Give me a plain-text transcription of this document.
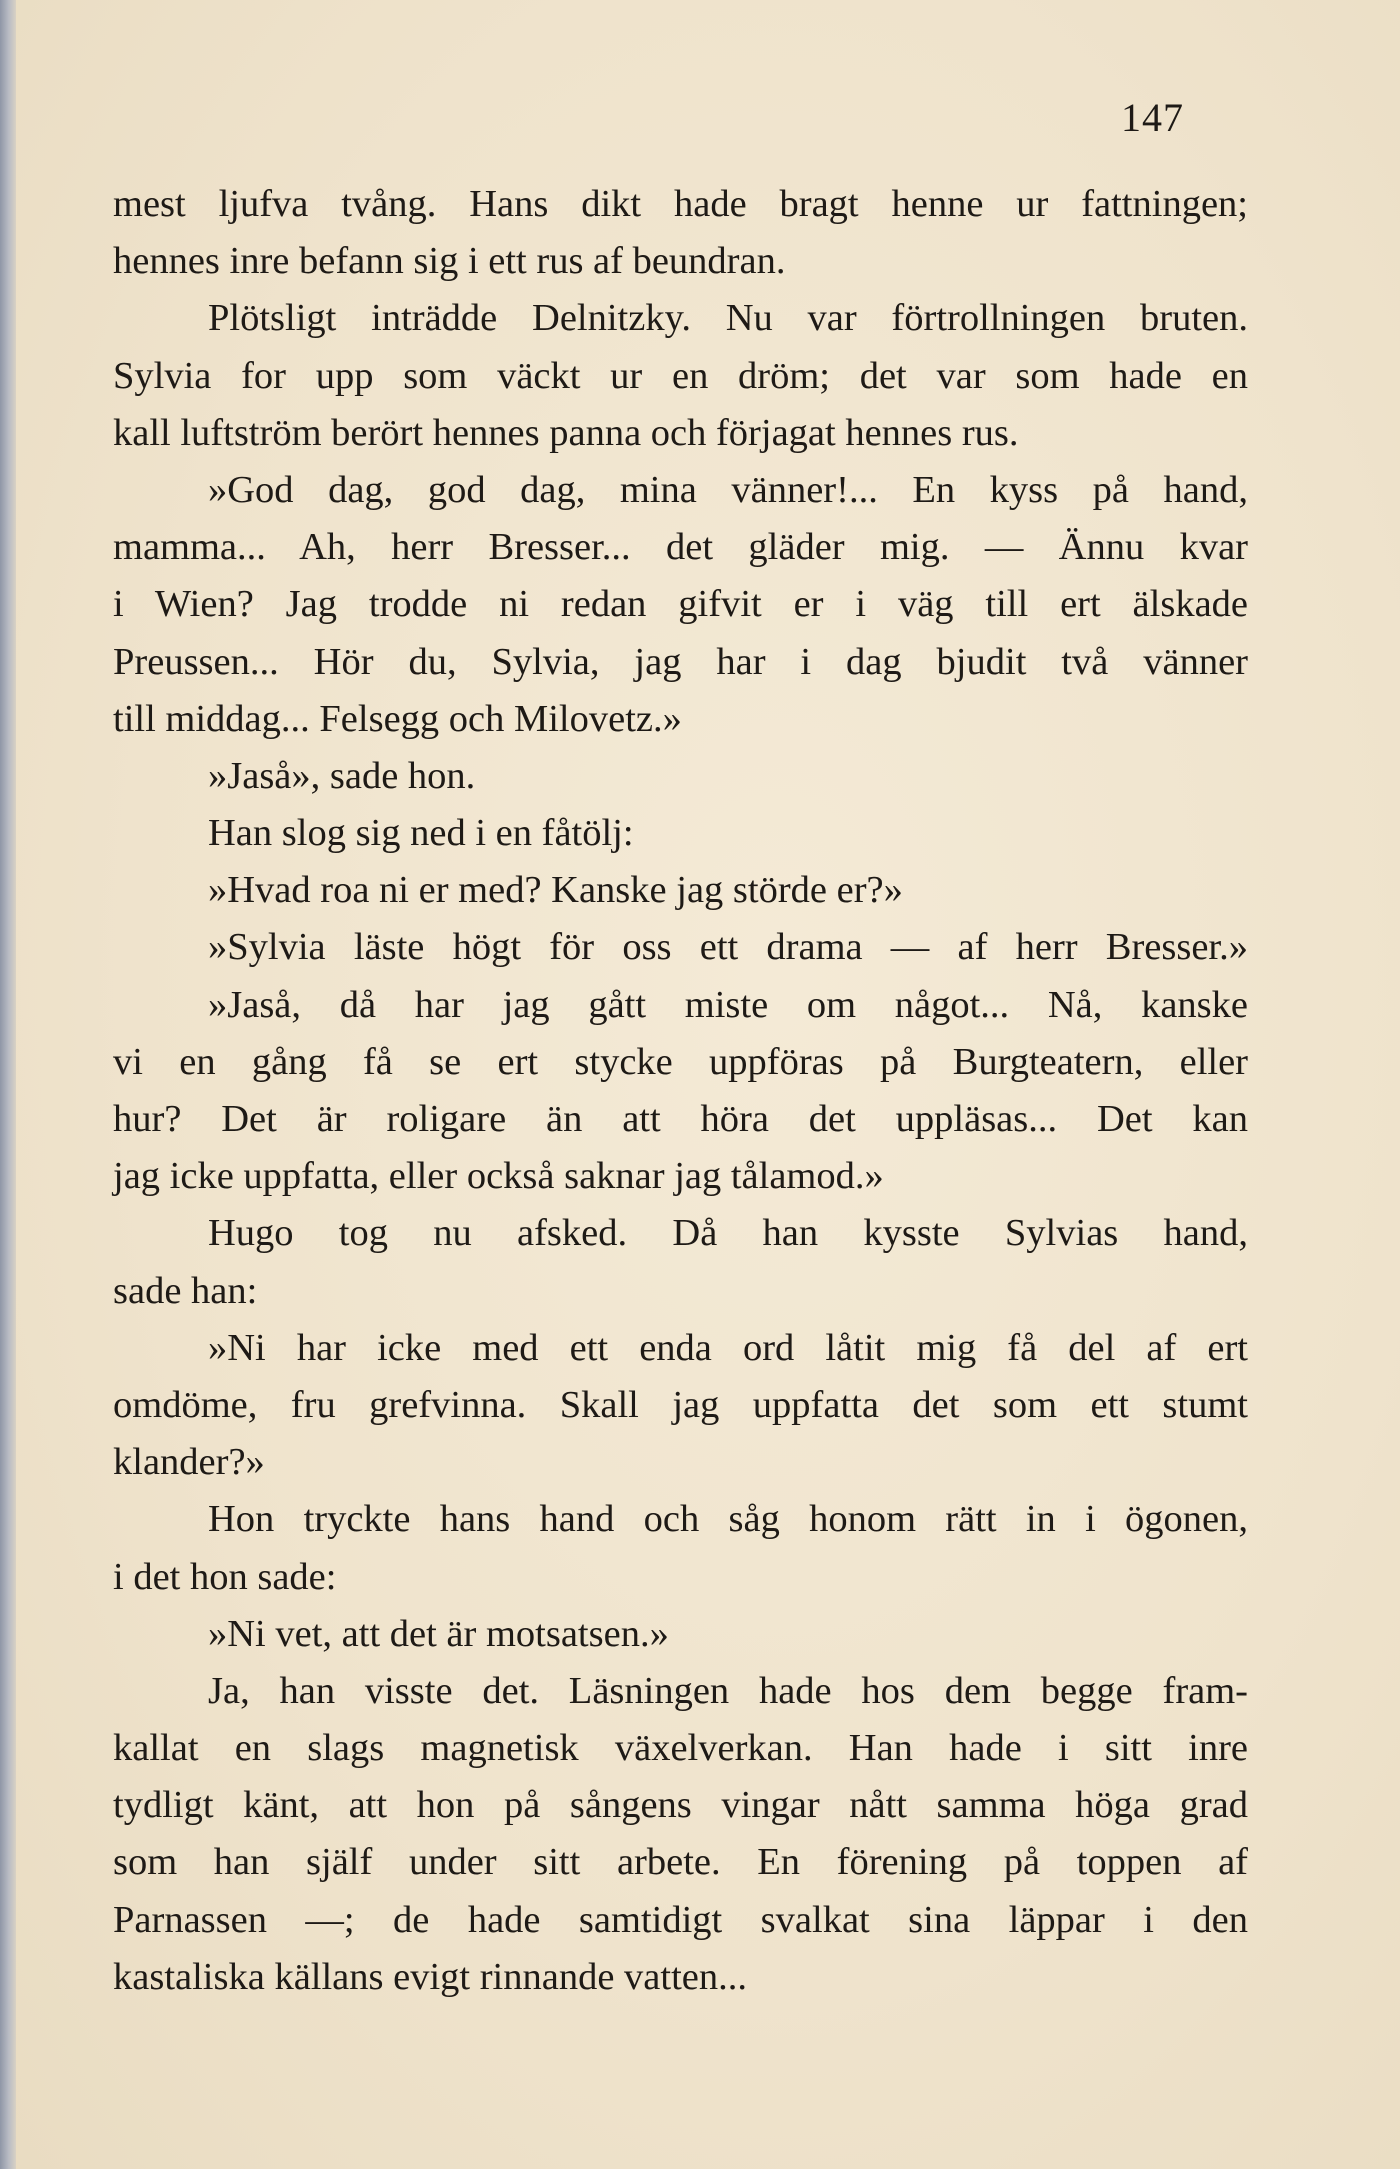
147
mest ljufva tvång. Hans dikt hade bragt henne ur fattningen;
hennes inre befann sig i ett rus af beundran.
Plötsligt inträdde Delnitzky. Nu var förtrollningen bruten.
Sylvia for upp som väckt ur en dröm; det var som hade en
kall luftström berört hennes panna och förjagat hennes rus.
»God dag, god dag, mina vänner!... En kyss på hand,
mamma... Ah, herr Bresser... det gläder mig. — Ännu kvar
i Wien? Jag trodde ni redan gifvit er i väg till ert älskade
Preussen... Hör du, Sylvia, jag har i dag bjudit två vänner
till middag... Felsegg och Milovetz.»
»Jaså», sade hon.
Han slog sig ned i en fåtölj:
»Hvad roa ni er med? Kanske jag störde er?»
»Sylvia läste högt för oss ett drama — af herr Bresser.»
»Jaså, då har jag gått miste om något... Nå, kanske
vi en gång få se ert stycke uppföras på Burgteatern, eller
hur? Det är roligare än att höra det uppläsas... Det kan
jag icke uppfatta, eller också saknar jag tålamod.»
Hugo tog nu afsked. Då han kysste Sylvias hand,
sade han:
»Ni har icke med ett enda ord låtit mig få del af ert
omdöme, fru grefvinna. Skall jag uppfatta det som ett stumt
klander?»
Hon tryckte hans hand och såg honom rätt in i ögonen,
i det hon sade:
»Ni vet, att det är motsatsen.»
Ja, han visste det. Läsningen hade hos dem begge fram-
kallat en slags magnetisk växelverkan. Han hade i sitt inre
tydligt känt, att hon på sångens vingar nått samma höga grad
som han själf under sitt arbete. En förening på toppen af
Parnassen —; de hade samtidigt svalkat sina läppar i den
kastaliska källans evigt rinnande vatten...
